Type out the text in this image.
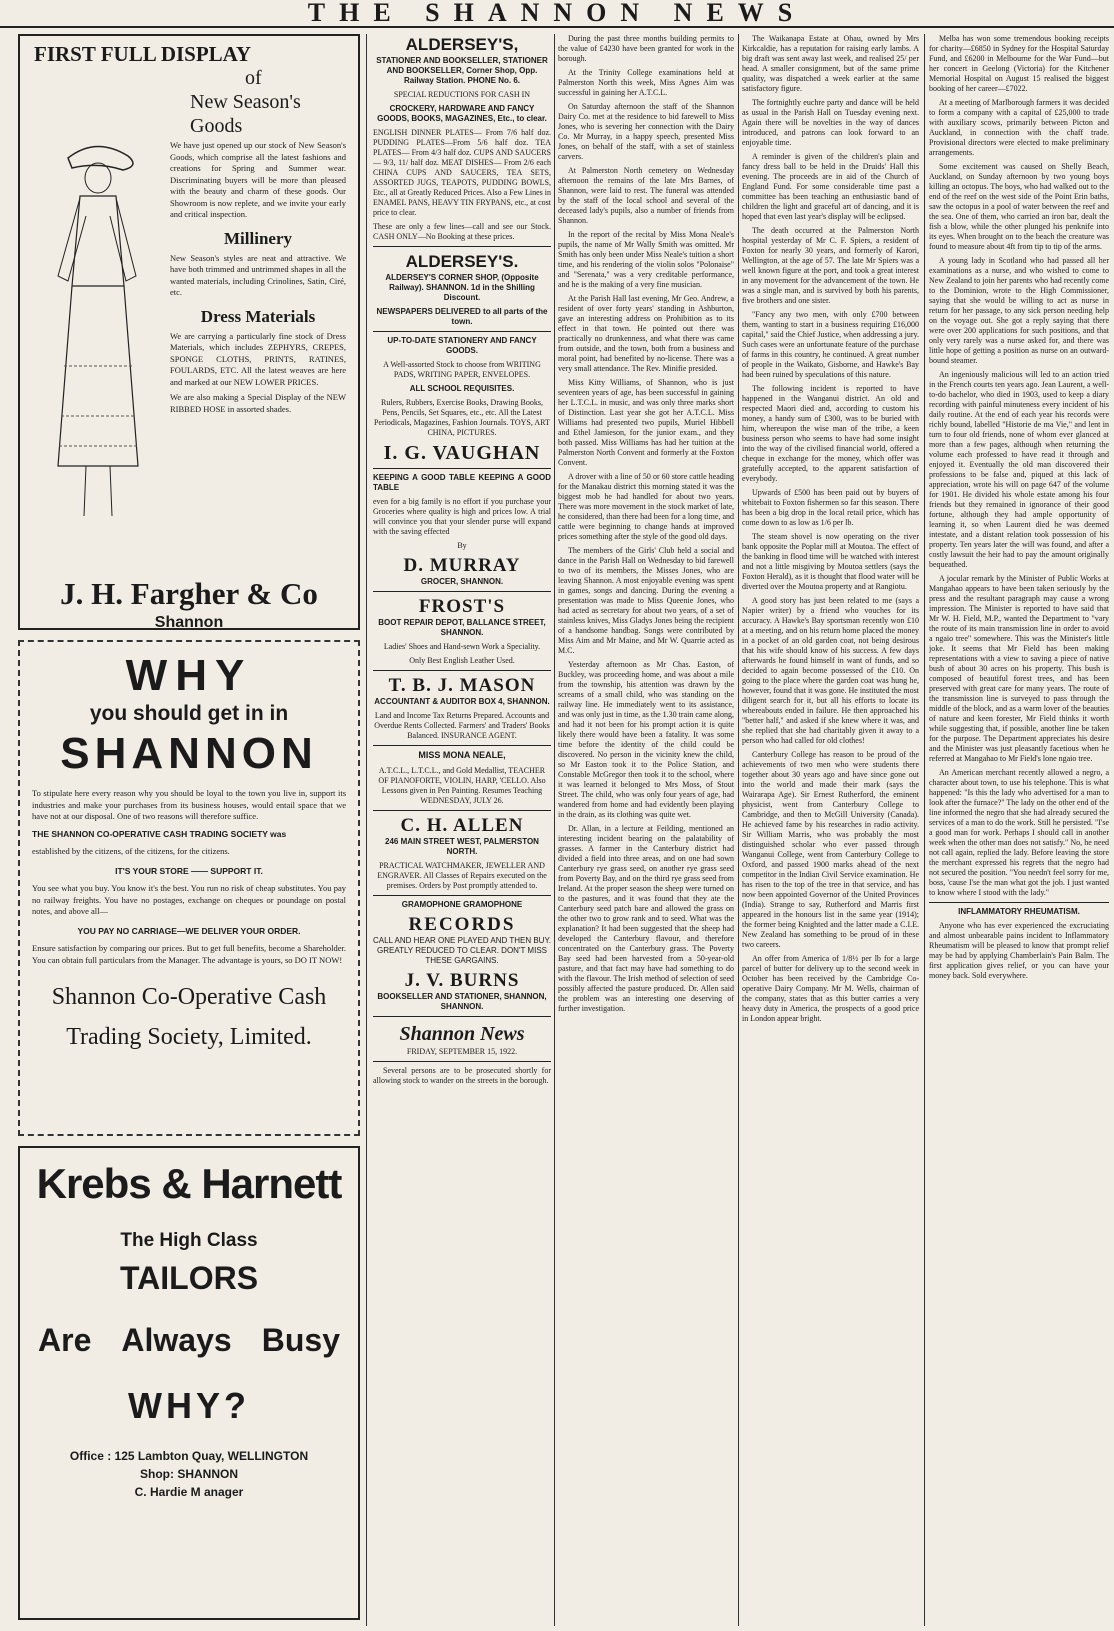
THE SHANNON NEWS
FIRST FULL DISPLAY
of
New Season's
Goods

We have just opened up our stock of New Season's Goods, which comprise all the latest fashions and creations for Spring and Summer wear. Discriminating buyers will be more than pleased with the beauty and charm of these goods. Our Showroom is now replete, and we invite your early and critical inspection.

Millinery

New Season's styles are neat and attractive. We have both trimmed and untrimmed shapes in all the wanted materials, including Crinolines, Satin, Ciré, etc.

Dress Materials

We are carrying a particularly fine stock of Dress Materials, which includes ZEPHYRS, CREPES, SPONGE CLOTHS, PRINTS, RATINES, FOULARDS, ETC. All the latest weaves are here and marked at our NEW LOWER PRICES.

We are also making a Special Display of the NEW RIBBED HOSE in assorted shades.

J. H. Fargher & Co
Shannon
WHY
you should get in in
SHANNON

To stipulate here every reason why you should be loyal to the town you live in, support its industries and make your purchases from its business houses, would entail space that we have not at our disposal. One of two reasons will therefore suffice.

THE SHANNON CO-OPERATIVE CASH TRADING SOCIETY was

established by the citizens, of the citizens, for the citizens.

IT'S YOUR STORE —— SUPPORT IT.

You see what you buy. You know it's the best. You run no risk of cheap substitutes. You pay no railway freights. You have no postages, exchange on cheques or poundage on postal notes, and above all—

YOU PAY NO CARRIAGE—WE DELIVER YOUR ORDER.

Ensure satisfaction by comparing our prices. But to get full benefits, become a Shareholder. You can obtain full particulars from the Manager. The advantage is yours, so DO IT NOW!

Shannon Co-Operative Cash
Trading Society, Limited.
Krebs & Harnett
The High Class
TAILORS
Are Always Busy
WHY?
Office : 125 Lambton Quay, WELLINGTON
Shop: SHANNON
C. Hardie M anager
ALDERSEY'S,

STATIONER AND BOOKSELLER, STATIONER AND BOOKSELLER, Corner Shop, Opp. Railway Station. PHONE No. 6.

SPECIAL REDUCTIONS FOR CASH IN

CROCKERY, HARDWARE AND FANCY GOODS, BOOKS, MAGAZINES, Etc., to clear.

ENGLISH DINNER PLATES— From 7/6 half doz. PUDDING PLATES—From 5/6 half doz. TEA PLATES— From 4/3 half doz. CUPS AND SAUCERS— 9/3, 11/ half doz. MEAT DISHES— From 2/6 each CHINA CUPS AND SAUCERS, TEA SETS, ASSORTED JUGS, TEAPOTS, PUDDING BOWLS, Etc., all at Greatly Reduced Prices. Also a Few Lines in ENAMEL PANS, HEAVY TIN FRYPANS, etc., at cost price to clear.

These are only a few lines—call and see our Stock. CASH ONLY—No Booking at these prices.

ALDERSEY'S.

ALDERSEY'S CORNER SHOP, (Opposite Railway). SHANNON. 1d in the Shilling Discount.

NEWSPAPERS DELIVERED to all parts of the town.

UP-TO-DATE STATIONERY AND FANCY GOODS.

A Well-assorted Stock to choose from WRITING PADS, WRITING PAPER, ENVELOPES.

ALL SCHOOL REQUISITES.

Rulers, Rubbers, Exercise Books, Drawing Books, Pens, Pencils, Set Squares, etc., etc. All the Latest Periodicals, Magazines, Fashion Journals. TOYS, ART CHINA, PICTURES.

I. G. VAUGHAN

KEEPING A GOOD TABLE KEEPING A GOOD TABLE

even for a big family is no effort if you purchase your Groceries where quality is high and prices low. A trial will convince you that your slender purse will expand with the saving effected

By

D. MURRAY

GROCER, SHANNON.

FROST'S

BOOT REPAIR DEPOT, BALLANCE STREET, SHANNON.

Ladies' Shoes and Hand-sewn Work a Speciality.

Only Best English Leather Used.

T. B. J. MASON

ACCOUNTANT & AUDITOR BOX 4, SHANNON.

Land and Income Tax Returns Prepared. Accounts and Overdue Rents Collected. Farmers' and Traders' Books Balanced. INSURANCE AGENT.

MISS MONA NEALE,

A.T.C.L., L.T.C.L., and Gold Medallist, TEACHER OF PIANOFORTE, VIOLIN, HARP, 'CELLO. Also Lessons given in Pen Painting. Resumes Teaching WEDNESDAY, JULY 26.

C. H. ALLEN

246 MAIN STREET WEST, PALMERSTON NORTH.

PRACTICAL WATCHMAKER, JEWELLER AND ENGRAVER. All Classes of Repairs executed on the premises. Orders by Post promptly attended to.

GRAMOPHONE GRAMOPHONE

RECORDS

CALL AND HEAR ONE PLAYED AND THEN BUY. GREATLY REDUCED TO CLEAR. DON'T MISS THESE GARGAINS.

J. V. BURNS

BOOKSELLER AND STATIONER, SHANNON, SHANNON.

Shannon News

FRIDAY, SEPTEMBER 15, 1922.

Several persons are to be prosecuted shortly for allowing stock to wander on the streets in the borough.

During the past three months building permits to the value of £4230 have been granted for work in the borough.

At the Trinity College examinations held at Palmerston North this week, Miss Agnes Aim was successful in gaining her A.T.C.L.

On Saturday afternoon the staff of the Shannon Dairy Co. met at the residence to bid farewell to Miss Jones, who is severing her connection with the Dairy Co. Mr Murray, in a happy speech, presented Miss Jones, on behalf of the staff, with a set of stainless carvers.

At Palmerston North cemetery on Wednesday afternoon the remains of the late Mrs Barnes, of Shannon, were laid to rest. The funeral was attended by the staff of the local school and several of the deceased lady's pupils, also a number of friends from Shannon.

In the report of the recital by Miss Mona Neale's pupils, the name of Mr Wally Smith was omitted. Mr Smith has only been under Miss Neale's tuition a short time, and his rendering of the violin solos "Polonaise" and "Serenata," was a very creditable performance, and he is the making of a very fine musician.

At the Parish Hall last evening, Mr Geo. Andrew, a resident of over forty years' standing in Ashburton, gave an interesting address on Prohibition as to its effect in that town. He pointed out there was practically no drunkenness, and what there was came from outside, and the town, both from a business and moral point, had benefited by no-license. There was a very small attendance. The Rev. Minifie presided.

Miss Kitty Williams, of Shannon, who is just seventeen years of age, has been successful in gaining her L.T.C.L. in music, and was only three marks short of Distinction. Last year she got her A.T.C.L. Miss Williams had presented two pupils, Muriel Hibbell and Ethel Jamieson, for the junior exam., and they both passed. Miss Williams has had her tuition at the Palmerston North Convent and formerly at the Foxton Convent.

A drover with a line of 50 or 60 store cattle heading for the Manakau district this morning stated it was the biggest mob he had handled for about two years. There was more movement in the stock market of late, he considered, than there had been for a long time, and cattle were beginning to change hands at improved prices something after the style of the good old days.

The members of the Girls' Club held a social and dance in the Parish Hall on Wednesday to bid farewell to two of its members, the Misses Jones, who are leaving Shannon. A most enjoyable evening was spent in games, songs and dancing. During the evening a presentation was made to Miss Queenie Jones, who had acted as secretary for about two years, of a set of stainless knives, Miss Gladys Jones being the recipient of a handsome handbag. Songs were contributed by Miss Aim and Mr Maine, and Mr W. Quarrie acted as M.C.

Yesterday afternoon as Mr Chas. Easton, of Buckley, was proceeding home, and was about a mile from the township, his attention was drawn by the screams of a small child, who was standing on the railway line. He immediately went to its assistance, and was only just in time, as the 1.30 train came along, and had it not been for his prompt action it is quite likely there would have been a fatality. It was some time before the identity of the child could be discovered. No person in the vicinity knew the child, so Mr Easton took it to the Police Station, and Constable McGregor then took it to the school, where it was learned it belonged to Mrs Moss, of Stout Street. The child, who was only four years of age, had wandered from home and had evidently been playing in the drain, as its clothing was quite wet.

Dr. Allan, in a lecture at Feilding, mentioned an interesting incident bearing on the palatability of grasses. A farmer in the Canterbury district had divided a field into three areas, and on one had sown Canterbury rye grass seed, on another rye grass seed from Poverty Bay, and on the third rye grass seed from Ireland. At the proper season the sheep were turned on to the pastures, and it was found that they ate the Canterbury seed patch bare and allowed the grass on the other two to grow rank and to seed. What was the explanation? It had been suggested that the sheep had developed the Canterbury flavour, and therefore concentrated on the Canterbury grass. The Poverty Bay seed had been harvested from a 50-year-old pasture, and that fact may have had something to do with the flavour. The Irish method of selection of seed possibly affected the pasture produced. Dr. Allen said the problem was an interesting one deserving of further investigation.

The Waikanapa Estate at Ohau, owned by Mrs Kirkcaldie, has a reputation for raising early lambs. A big draft was sent away last week, and realised 25/ per head. A smaller consignment, but of the same prime quality, was dispatched a week earlier at the same satisfactory figure.

The fortnightly euchre party and dance will be held as usual in the Parish Hall on Tuesday evening next. Again there will be novelties in the way of dances introduced, and patrons can look forward to an enjoyable time.

A reminder is given of the children's plain and fancy dress ball to be held in the Druids' Hall this evening. The proceeds are in aid of the Church of England Fund. For some considerable time past a committee has been teaching an enthusiastic band of children the light and graceful art of dancing, and it is hoped that even last year's display will be eclipsed.

The death occurred at the Palmerston North hospital yesterday of Mr C. F. Spiers, a resident of Foxton for nearly 30 years, and formerly of Karori, Wellington, at the age of 57. The late Mr Spiers was a well known figure at the port, and took a great interest in any movement for the advancement of the town. He was a single man, and is survived by both his parents, five brothers and one sister.

"Fancy any two men, with only £700 between them, wanting to start in a business requiring £16,000 capital," said the Chief Justice, when addressing a jury. Such cases were an unfortunate feature of the purchase of farms in this country, he continued. A great number of people in the Waikato, Gisborne, and Hawke's Bay had been ruined by speculations of this nature.

The following incident is reported to have happened in the Wanganui district. An old and respected Maori died and, according to custom his money, a handy sum of £300, was to be buried with him, whereupon the wise man of the tribe, a keen business person who seems to have had some insight into the way of the civilised financial world, offered a cheque in exchange for the money, which offer was gratefully accepted, to the apparent satisfaction of everybody.

Upwards of £500 has been paid out by buyers of whitebait to Foxton fishermen so far this season. There has been a big drop in the local retail price, which has come down to as low as 1/6 per lb.

The steam shovel is now operating on the river bank opposite the Poplar mill at Moutoa. The effect of the banking in flood time will be watched with interest and not a little misgiving by Moutoa settlers (says the Foxton Herald), as it is thought that flood water will be diverted over the Moutoa property and at Rangiotu.

A good story has just been related to me (says a Napier writer) by a friend who vouches for its accuracy. A Hawke's Bay sportsman recently won £10 at a meeting, and on his return home placed the money in a pocket of an old garden coat, not being desirous that his wife should know of his success. A few days afterwards he found himself in want of funds, and so decided to again become possessed of the £10. On going to the place where the garden coat was hung he, however, found that it was gone. He instituted the most diligent search for it, but all his efforts to locate its whereabouts ended in failure. He then approached his "better half," and asked if she knew where it was, and she replied that she had charitably given it away to a person who had called for old clothes!

Canterbury College has reason to be proud of the achievements of two men who were students there together about 30 years ago and have since gone out into the world and made their mark (says the Wairarapa Age). Sir Ernest Rutherford, the eminent physicist, went from Canterbury College to Cambridge, and then to McGill University (Canada). He achieved fame by his researches in radio activity. Sir William Marris, who was probably the most distinguished scholar who ever passed through Wanganui College, went from Canterbury College to Oxford, and passed 1900 marks ahead of the next competitor in the Indian Civil Service examination. He has risen to the top of the tree in that service, and has now been appointed Governor of the United Provinces (India). Strange to say, Rutherford and Marris first appeared in the honours list in the same year (1914); the former being Knighted and the latter made a C.I.E. New Zealand has something to be proud of in these two careers.

An offer from America of 1/8½ per lb for a large parcel of butter for delivery up to the second week in October has been received by the Cambridge Co-operative Dairy Company. Mr M. Wells, chairman of the company, states that as this butter carries a very heavy duty in America, the prospects of a good price in London appear bright.

Melba has won some tremendous booking receipts for charity—£6850 in Sydney for the Hospital Saturday Fund, and £6200 in Melbourne for the War Fund—but her concert in Geelong (Victoria) for the Kitchener Memorial Hospital on August 15 realised the biggest booking of her career—£7022.

At a meeting of Marlborough farmers it was decided to form a company with a capital of £25,000 to trade with auxiliary scows, primarily between Picton and Auckland, in connection with the chaff trade. Provisional directors were elected to make preliminary arrangements.

Some excitement was caused on Shelly Beach, Auckland, on Sunday afternoon by two young boys killing an octopus. The boys, who had walked out to the end of the reef on the west side of the Point Erin baths, saw the octopus in a pool of water between the reef and the sea. One of them, who carried an iron bar, dealt the fish a blow, while the other plunged his penknife into its eyes. When brought on to the beach the creature was found to measure about 4ft from tip to tip of the arms.

A young lady in Scotland who had passed all her examinations as a nurse, and who wished to come to New Zealand to join her parents who had recently come to the Dominion, wrote to the High Commissioner, saying that she would be willing to act as nurse in return for her passage, to any sick person needing help on the voyage out. She got a reply saying that there were over 200 applications for such positions, and that only very rarely was a nurse asked for, and there was little hope of getting a position as nurse on an outward-bound steamer.

An ingeniously malicious will led to an action tried in the French courts ten years ago. Jean Laurent, a well-to-do bachelor, who died in 1903, used to keep a diary recording with painful minuteness every incident of his daily routine. At the end of each year his records were richly bound, labelled "Historie de ma Vie," and lent in turn to four old friends, none of whom ever glanced at more than a few pages, although when returning the volume each professed to have read it through and enjoyed it. Eventually the old man discovered their professions to be false and, piqued at this lack of appreciation, wrote his will on page 647 of the volume for 1901. He divided his whole estate among his four friends but they remained in ignorance of their good fortune, although they had ample opportunity of learning it, so when Laurent died he was deemed intestate, and a distant relation took possession of his property. Ten years later the will was found, and after a costly lawsuit the heir had to pay the amount originally bequeathed.

A jocular remark by the Minister of Public Works at Mangahao appears to have been taken seriously by the press and the resultant paragraph may cause a wrong impression. The Minister is reported to have said that Mr W. H. Field, M.P., wanted the Department to "vary the route of its main transmission line in order to avoid a ngaio tree" somewhere. This was the Minister's little joke. It seems that Mr Field has been making representations with a view to saving a piece of native bush of about 30 acres on his property. This bush is composed of beautiful forest trees, and has been preserved with great care for many years. The route of the transmission line is surveyed to pass through the middle of the block, and as a warm lover of the beauties of nature and keen forester, Mr Field thinks it worth while suggesting that, if possible, another line be taken for the purpose. The Department appreciates his desire and the Minister was just pleasantly facetious when he referred at Mangahao to Mr Field's lone ngaio tree.

An American merchant recently allowed a negro, a character about town, to use his telephone. This is what happened: "Is this the lady who advertised for a man to look after the furnace?" The lady on the other end of the line informed the negro that she had already secured the services of a man to do the work. Still he persisted. "I'se a good man for work. Perhaps I should call in another week when the other man does not satisfy." No, he need not call again, replied the lady. Before leaving the store the merchant expressed his regrets that the negro had not secured the position. "You needn't feel sorry for me, boss, 'cause I'se the man what got the job. I just wanted to know where I stood with the lady."

INFLAMMATORY RHEUMATISM.

Anyone who has ever experienced the excruciating and almost unbearable pains incident to Inflammatory Rheumatism will be pleased to know that prompt relief may be had by applying Chamberlain's Pain Balm. The first application gives relief, or you can have your money back. Sold everywhere.
